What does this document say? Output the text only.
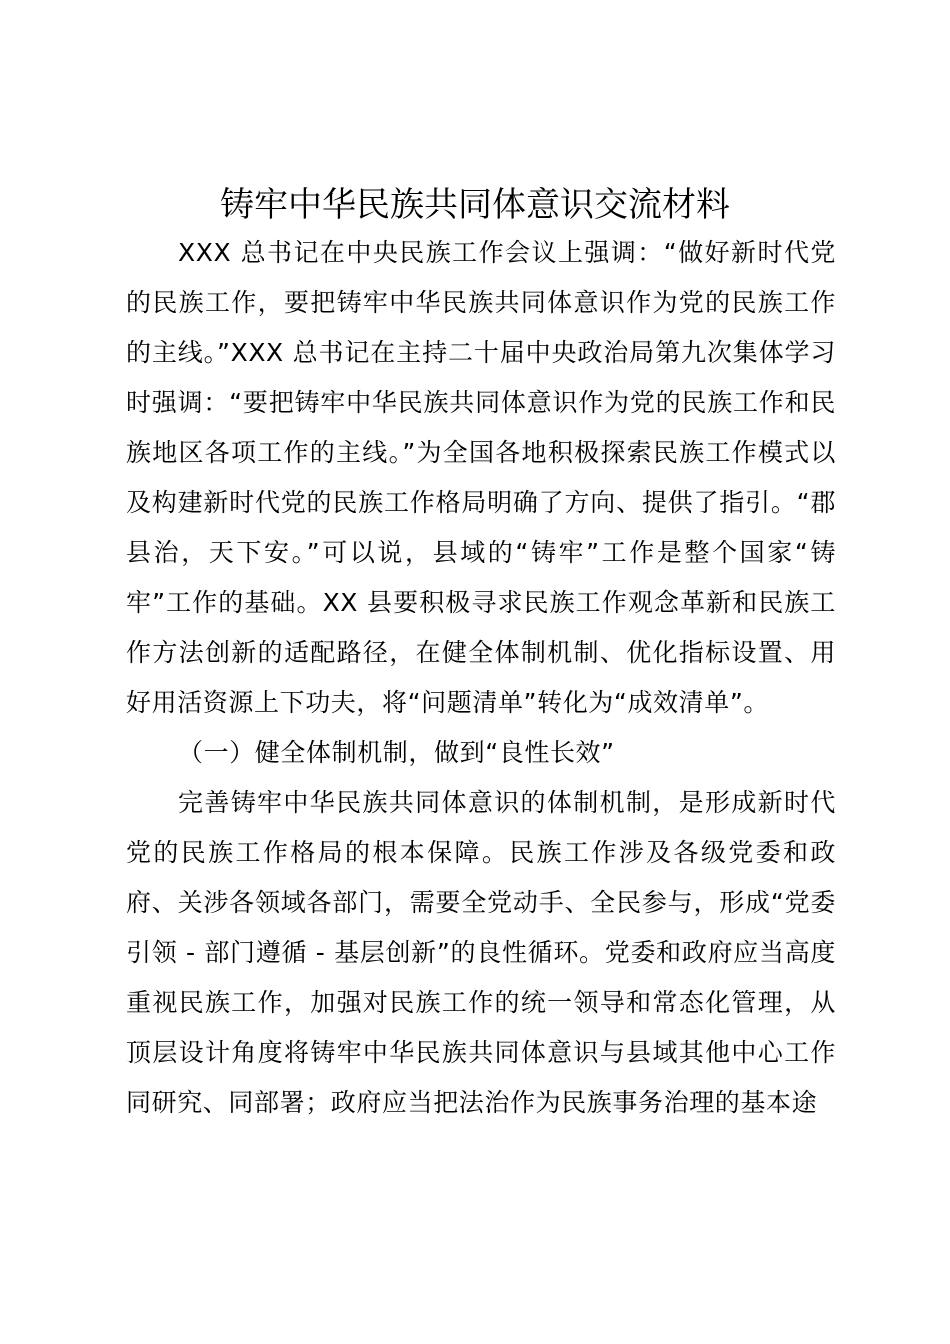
铸牢中华民族共同体意识交流材料

XXX 总书记在中央民族工作会议上强调：“做好新时代党的民族工作，要把铸牢中华民族共同体意识作为党的民族工作的主线。”XXX 总书记在主持二十届中央政治局第九次集体学习时强调：“要把铸牢中华民族共同体意识作为党的民族工作和民族地区各项工作的主线。”为全国各地积极探索民族工作模式以及构建新时代党的民族工作格局明确了方向、提供了指引。“郡县治，天下安。”可以说，县域的“铸牢”工作是整个国家“铸牢”工作的基础。XX 县要积极寻求民族工作观念革新和民族工作方法创新的适配路径，在健全体制机制、优化指标设置、用好用活资源上下功夫，将“问题清单”转化为“成效清单”。

（一）健全体制机制，做到“良性长效”

完善铸牢中华民族共同体意识的体制机制，是形成新时代党的民族工作格局的根本保障。民族工作涉及各级党委和政府、关涉各领域各部门，需要全党动手、全民参与，形成“党委引领 - 部门遵循 - 基层创新”的良性循环。党委和政府应当高度重视民族工作，加强对民族工作的统一领导和常态化管理，从顶层设计角度将铸牢中华民族共同体意识与县域其他中心工作同研究、同部署；政府应当把法治作为民族事务治理的基本途
